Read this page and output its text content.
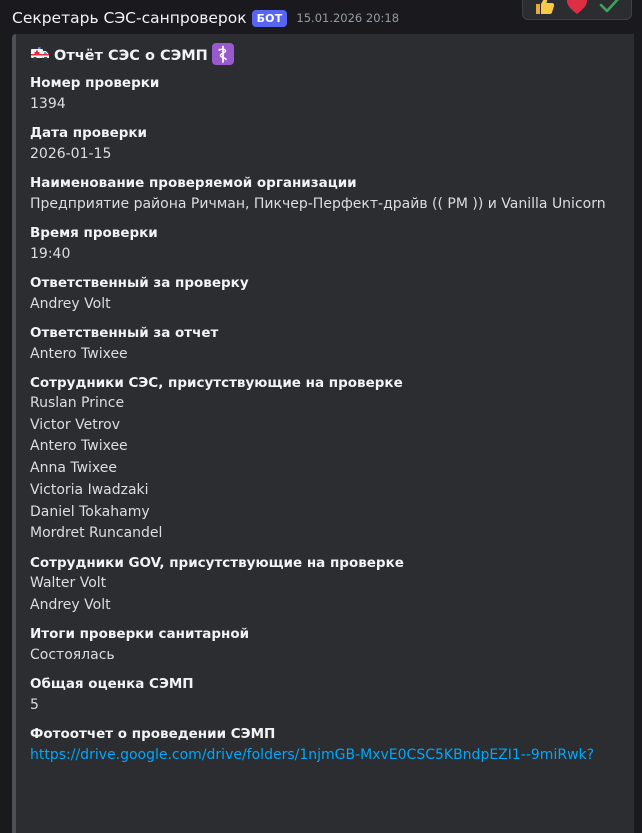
Секретарь СЭС-санпроверок БОТ	15.01.2026 20:18
Отчёт СЭС о СЭМП
Номер проверки
1394
Дата проверки
2026-01-15
Наименование проверяемой организации
Предприятие района Ричман, Пикчер-Перфект-драйв (( PM )) и Vanilla Unicorn
Время проверки
19:40
Ответственный за проверку
Andrey Volt
Ответственный за отчет
Antero Twixee
Сотрудники СЭС, присутствующие на проверке
Ruslan Prince
Victor Vetrov
Antero Twixee
Anna Twixee
Victoria Iwadzaki
Daniel Tokahamy
Mordret Runcandel
Сотрудники GOV, присутствующие на проверке
Walter Volt
Andrey Volt
Итоги проверки санитарной
Состоялась
Общая оценка СЭМП
5
Фотоотчет о проведении СЭМП
https://drive.google.com/drive/folders/1njmGB-MxvE0CSC5KBndpEZI1--9miRwk?
